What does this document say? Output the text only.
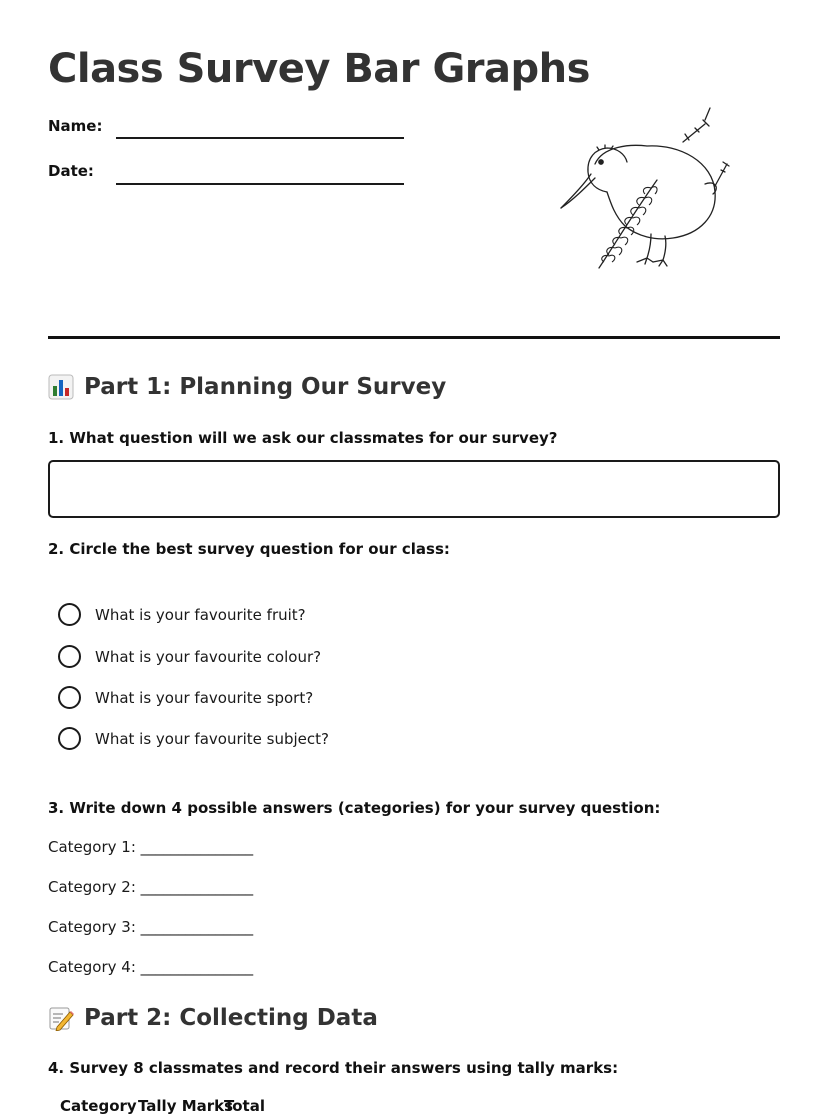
Class Survey Bar Graphs
Name:
Date:
Part 1: Planning Our Survey
1. What question will we ask our classmates for our survey?
2. Circle the best survey question for our class:
What is your favourite fruit?
What is your favourite colour?
What is your favourite sport?
What is your favourite subject?
3. Write down 4 possible answers (categories) for your survey question:
Category 1: _______________
Category 2: _______________
Category 3: _______________
Category 4: _______________
Part 2: Collecting Data
4. Survey 8 classmates and record their answers using tally marks:
Category Tally Marks
Total
